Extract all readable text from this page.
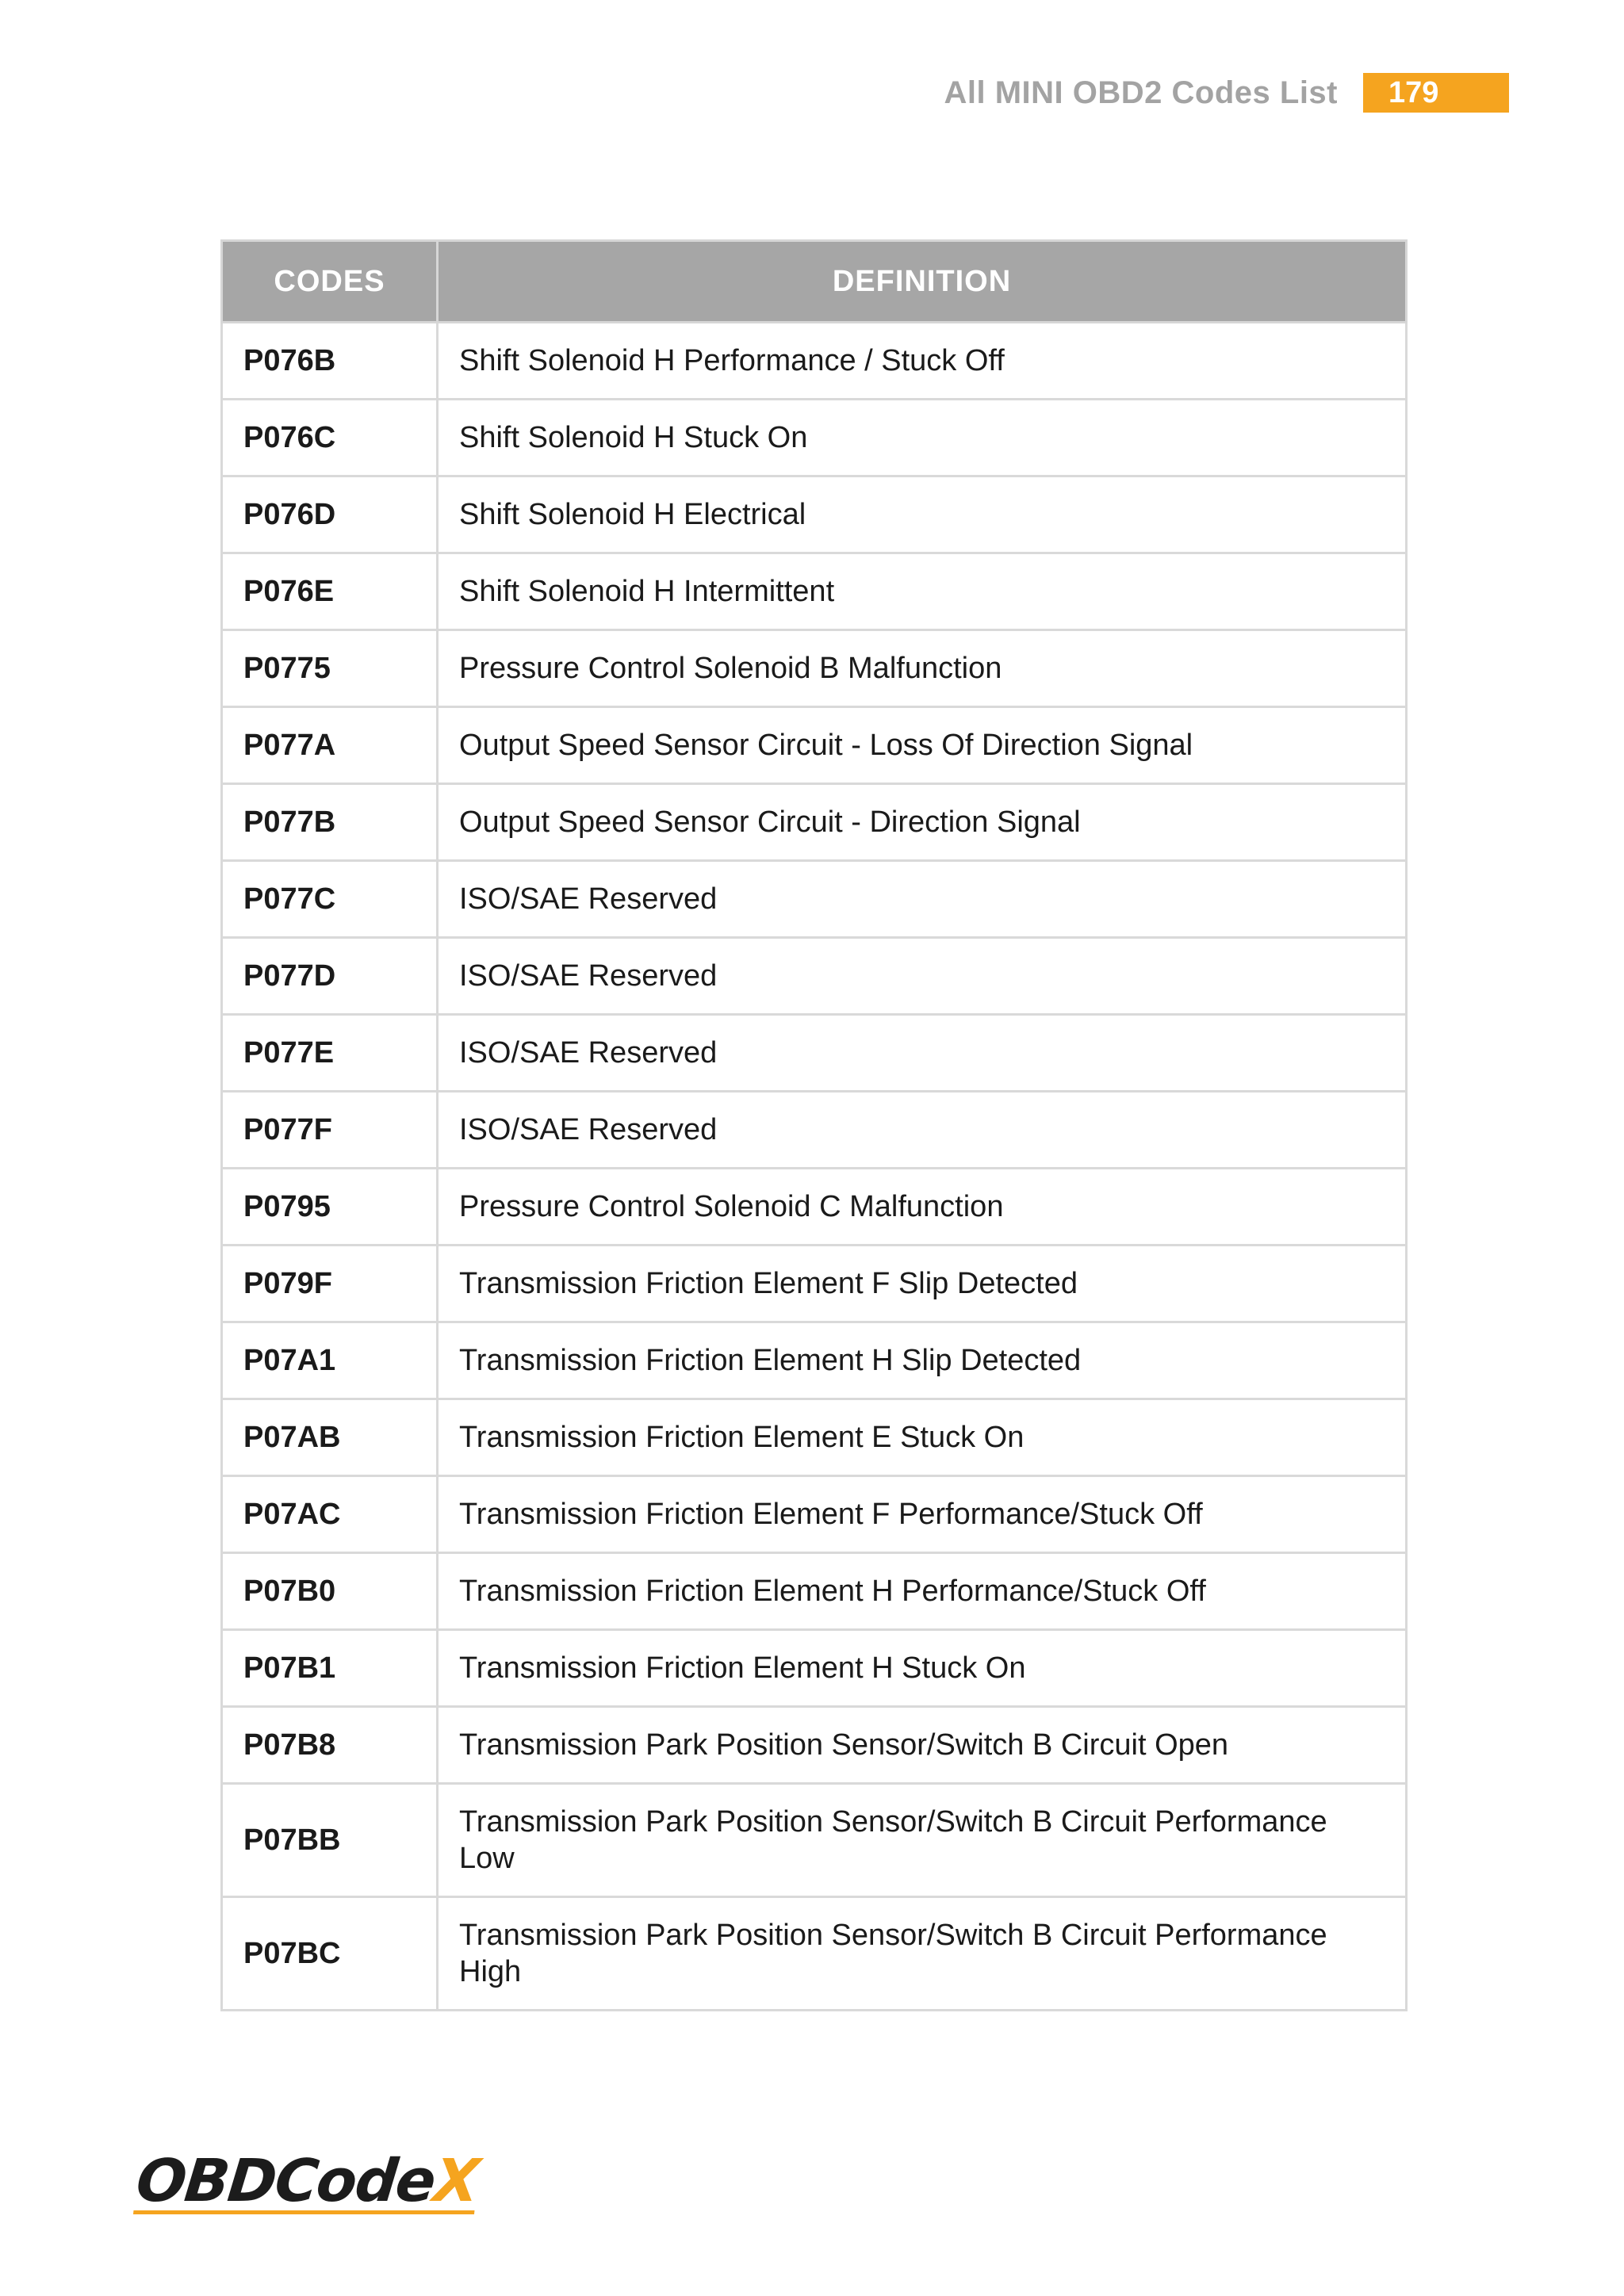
All MINI OBD2 Codes List	179
CODES	DEFINITION
P076B	Shift Solenoid H Performance / Stuck Off
P076C	Shift Solenoid H Stuck On
P076D	Shift Solenoid H Electrical
P076E	Shift Solenoid H Intermittent
P0775	Pressure Control Solenoid B Malfunction
P077A	Output Speed Sensor Circuit - Loss Of Direction Signal
P077B	Output Speed Sensor Circuit - Direction Signal
P077C	ISO/SAE Reserved
P077D	ISO/SAE Reserved
P077E	ISO/SAE Reserved
P077F	ISO/SAE Reserved
P0795	Pressure Control Solenoid C Malfunction
P079F	Transmission Friction Element F Slip Detected
P07A1	Transmission Friction Element H Slip Detected
P07AB	Transmission Friction Element E Stuck On
P07AC	Transmission Friction Element F Performance/Stuck Off
P07B0	Transmission Friction Element H Performance/Stuck Off
P07B1	Transmission Friction Element H Stuck On
P07B8	Transmission Park Position Sensor/Switch B Circuit Open
P07BB	Transmission Park Position Sensor/Switch B Circuit Performance Low
P07BC	Transmission Park Position Sensor/Switch B Circuit Performance High
OBDCodeX
